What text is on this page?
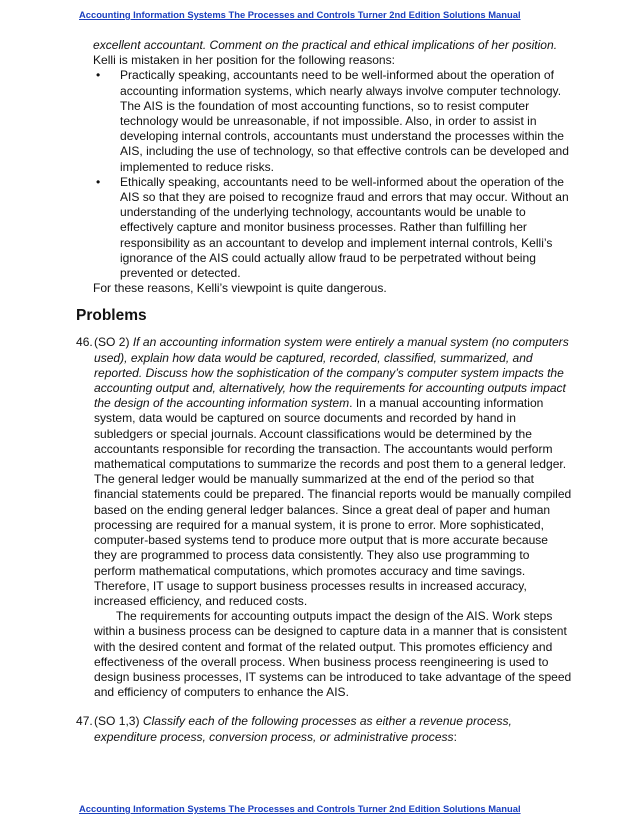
Accounting Information Systems The Processes and Controls Turner 2nd Edition Solutions Manual

excellent accountant. Comment on the practical and ethical implications of her position. Kelli is mistaken in her position for the following reasons:

• Practically speaking, accountants need to be well-informed about the operation of accounting information systems, which nearly always involve computer technology. The AIS is the foundation of most accounting functions, so to resist computer technology would be unreasonable, if not impossible. Also, in order to assist in developing internal controls, accountants must understand the processes within the AIS, including the use of technology, so that effective controls can be developed and implemented to reduce risks.
• Ethically speaking, accountants need to be well-informed about the operation of the AIS so that they are poised to recognize fraud and errors that may occur. Without an understanding of the underlying technology, accountants would be unable to effectively capture and monitor business processes. Rather than fulfilling her responsibility as an accountant to develop and implement internal controls, Kelli’s ignorance of the AIS could actually allow fraud to be perpetrated without being prevented or detected.

For these reasons, Kelli’s viewpoint is quite dangerous.

Problems
46. (SO 2) If an accounting information system were entirely a manual system (no computers used), explain how data would be captured, recorded, classified, summarized, and reported. Discuss how the sophistication of the company’s computer system impacts the accounting output and, alternatively, how the requirements for accounting outputs impact the design of the accounting information system. In a manual accounting information system, data would be captured on source documents and recorded by hand in subledgers or special journals. Account classifications would be determined by the accountants responsible for recording the transaction. The accountants would perform mathematical computations to summarize the records and post them to a general ledger. The general ledger would be manually summarized at the end of the period so that financial statements could be prepared. The financial reports would be manually compiled based on the ending general ledger balances. Since a great deal of paper and human processing are required for a manual system, it is prone to error. More sophisticated, computer-based systems tend to produce more output that is more accurate because they are programmed to process data consistently. They also use programming to perform mathematical computations, which promotes accuracy and time savings. Therefore, IT usage to support business processes results in increased accuracy, increased efficiency, and reduced costs.

The requirements for accounting outputs impact the design of the AIS. Work steps within a business process can be designed to capture data in a manner that is consistent with the desired content and format of the related output. This promotes efficiency and effectiveness of the overall process. When business process reengineering is used to design business processes, IT systems can be introduced to take advantage of the speed and efficiency of computers to enhance the AIS.

47. (SO 1,3) Classify each of the following processes as either a revenue process, expenditure process, conversion process, or administrative process:

Accounting Information Systems The Processes and Controls Turner 2nd Edition Solutions Manual
